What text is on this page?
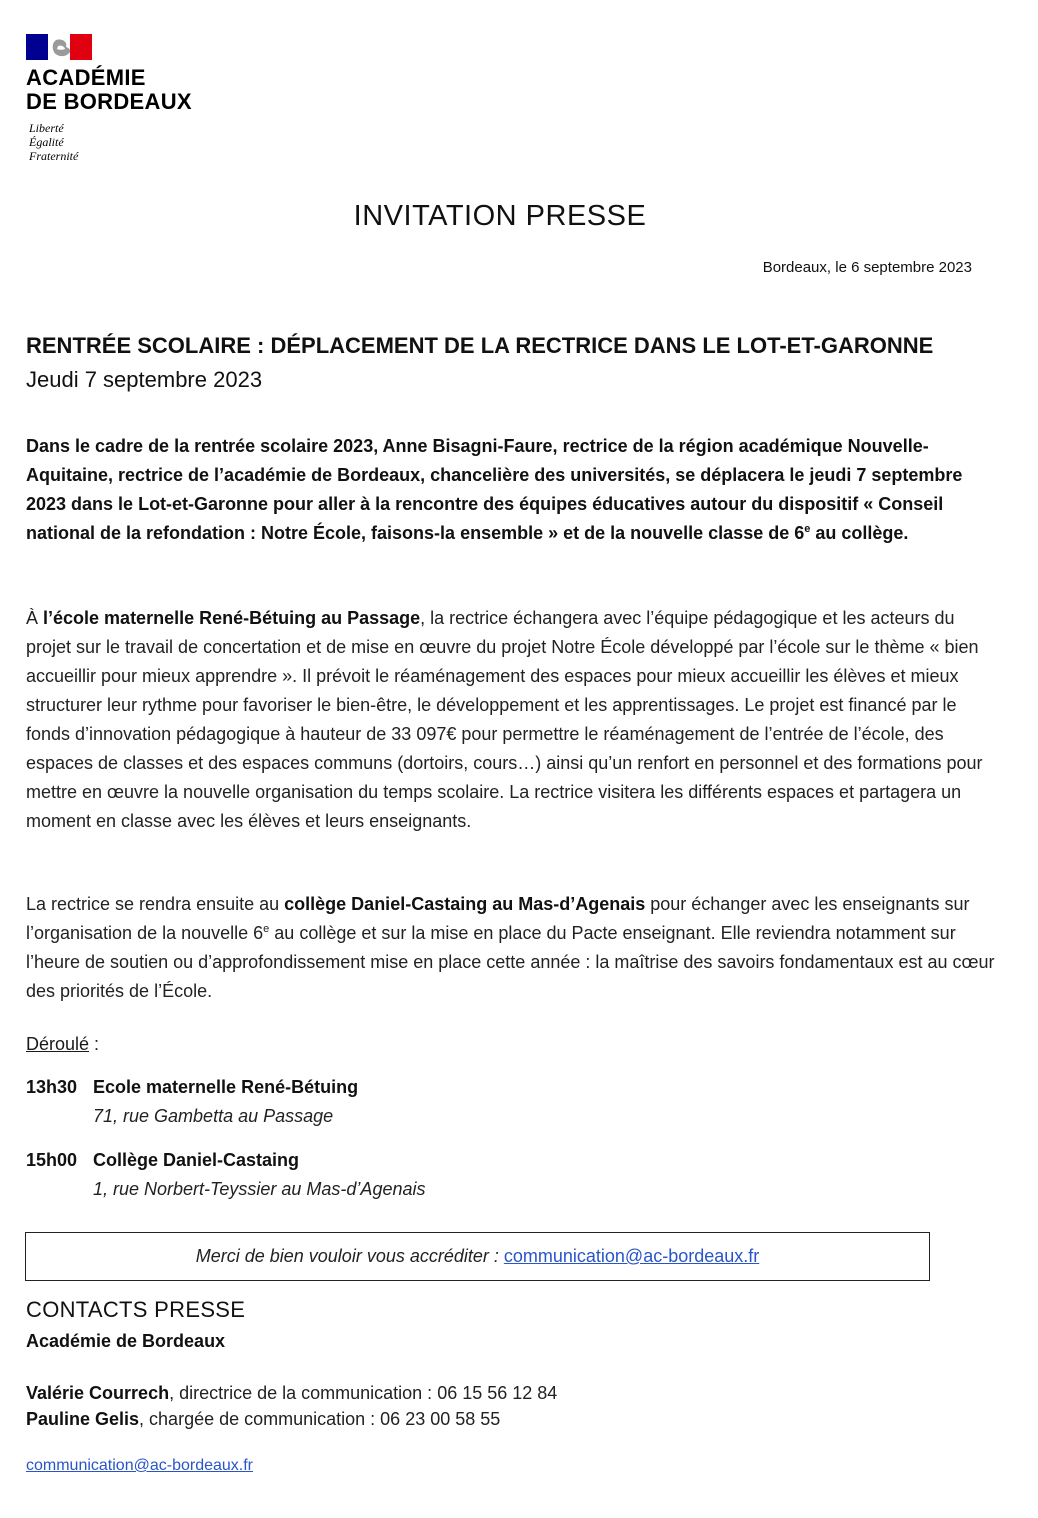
ACADÉMIE
DE BORDEAUX
Liberté
Égalité
Fraternité
INVITATION PRESSE
Bordeaux, le 6 septembre 2023
RENTRÉE SCOLAIRE : DÉPLACEMENT DE LA RECTRICE DANS LE LOT-ET-GARONNE
Jeudi 7 septembre 2023

Dans le cadre de la rentrée scolaire 2023, Anne Bisagni-Faure, rectrice de la région académique Nouvelle-Aquitaine, rectrice de l’académie de Bordeaux, chancelière des universités, se déplacera le jeudi 7 septembre 2023 dans le Lot-et-Garonne pour aller à la rencontre des équipes éducatives autour du dispositif « Conseil national de la refondation : Notre École, faisons-la ensemble » et de la nouvelle classe de 6e au collège.

À l’école maternelle René-Bétuing au Passage, la rectrice échangera avec l’équipe pédagogique et les acteurs du projet sur le travail de concertation et de mise en œuvre du projet Notre École développé par l’école sur le thème « bien accueillir pour mieux apprendre ». Il prévoit le réaménagement des espaces pour mieux accueillir les élèves et mieux structurer leur rythme pour favoriser le bien-être, le développement et les apprentissages. Le projet est financé par le fonds d’innovation pédagogique à hauteur de 33 097€ pour permettre le réaménagement de l’entrée de l’école, des espaces de classes et des espaces communs (dortoirs, cours…) ainsi qu’un renfort en personnel et des formations pour mettre en œuvre la nouvelle organisation du temps scolaire. La rectrice visitera les différents espaces et partagera un moment en classe avec les élèves et leurs enseignants.

La rectrice se rendra ensuite au collège Daniel-Castaing au Mas-d’Agenais pour échanger avec les enseignants sur l’organisation de la nouvelle 6e au collège et sur la mise en place du Pacte enseignant. Elle reviendra notamment sur l’heure de soutien ou d’approfondissement mise en place cette année : la maîtrise des savoirs fondamentaux est au cœur des priorités de l’École.

Déroulé :
13h30 Ecole maternelle René-Bétuing
71, rue Gambetta au Passage
15h00 Collège Daniel-Castaing
1, rue Norbert-Teyssier au Mas-d’Agenais
Merci de bien vouloir vous accréditer : communication@ac-bordeaux.fr
CONTACTS PRESSE
Académie de Bordeaux
Valérie Courrech, directrice de la communication : 06 15 56 12 84
Pauline Gelis, chargée de communication : 06 23 00 58 55
communication@ac-bordeaux.fr
